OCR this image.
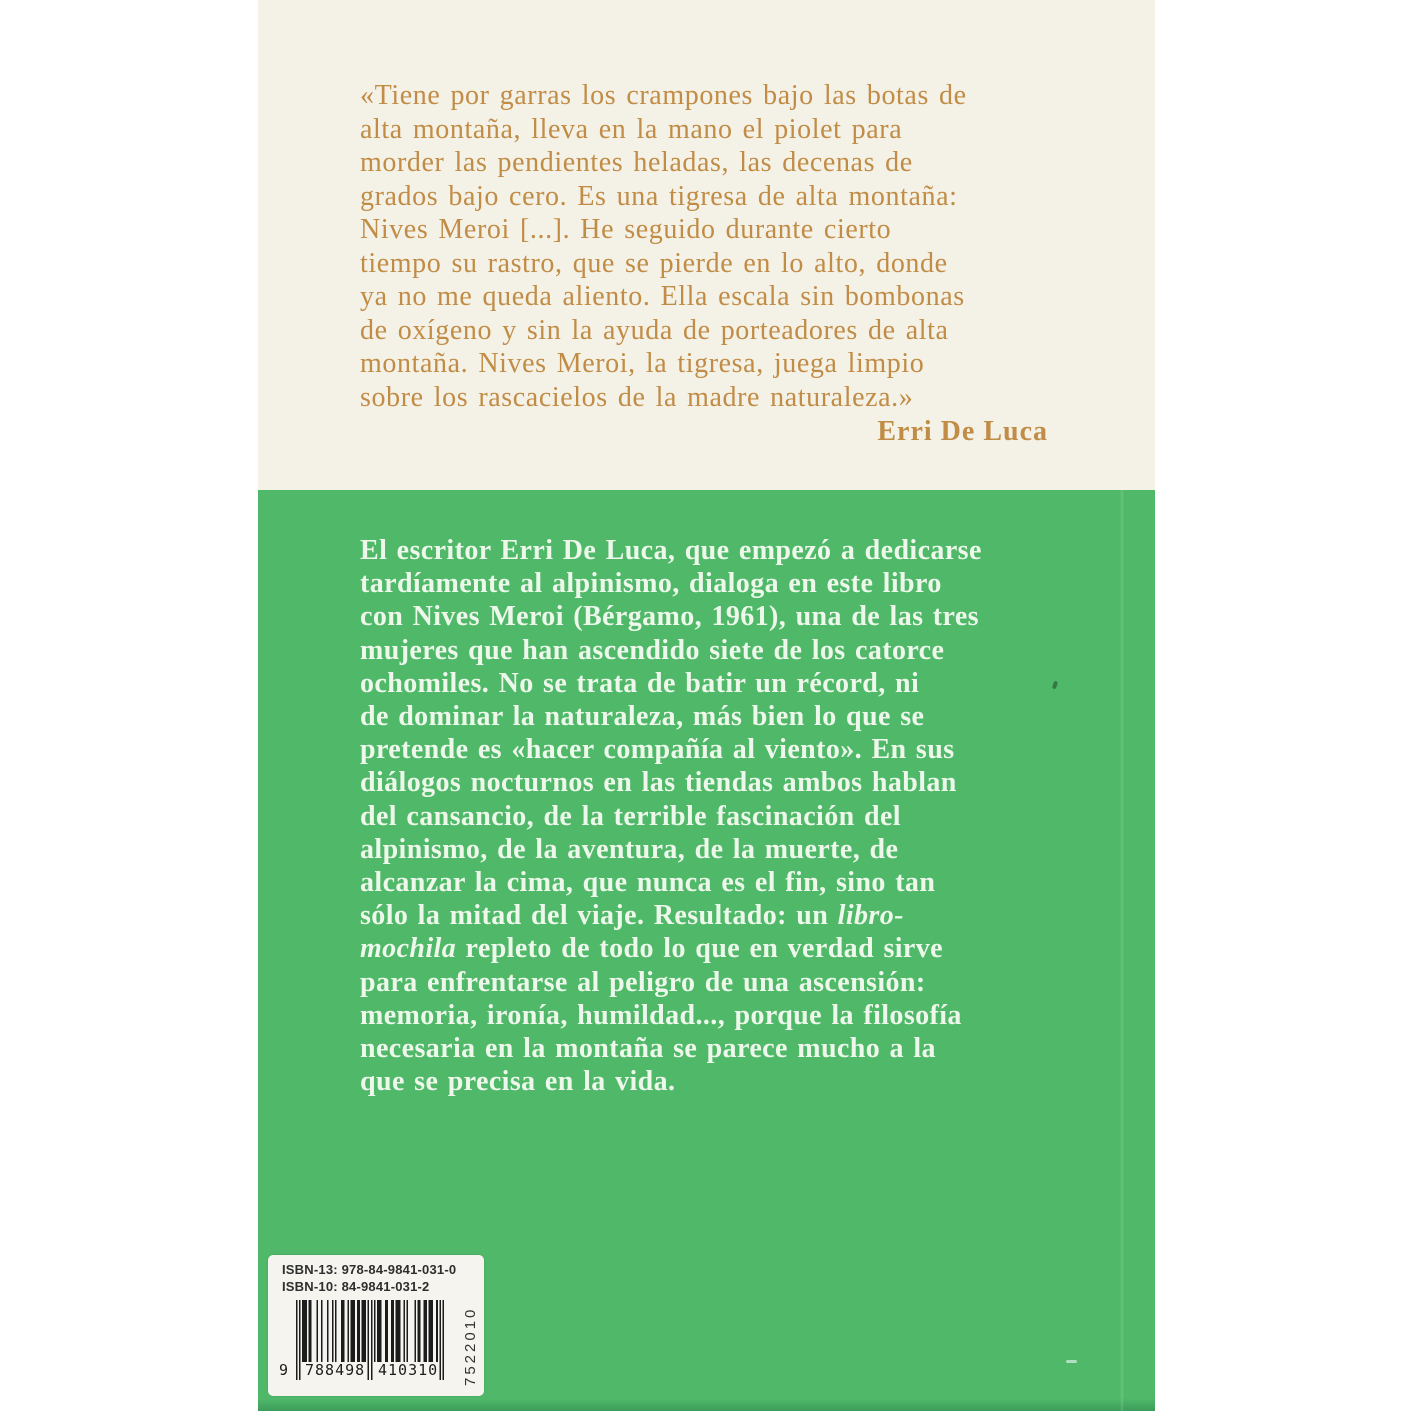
«Tiene por garras los crampones bajo las botas de
alta montaña, lleva en la mano el piolet para
morder las pendientes heladas, las decenas de
grados bajo cero. Es una tigresa de alta montaña:
Nives Meroi [...]. He seguido durante cierto
tiempo su rastro, que se pierde en lo alto, donde
ya no me queda aliento. Ella escala sin bombonas
de oxígeno y sin la ayuda de porteadores de alta
montaña. Nives Meroi, la tigresa, juega limpio
sobre los rascacielos de la madre naturaleza.»
Erri De Luca
El escritor Erri De Luca, que empezó a dedicarse
tardíamente al alpinismo, dialoga en este libro
con Nives Meroi (Bérgamo, 1961), una de las tres
mujeres que han ascendido siete de los catorce
ochomiles. No se trata de batir un récord, ni
de dominar la naturaleza, más bien lo que se
pretende es «hacer compañía al viento». En sus
diálogos nocturnos en las tiendas ambos hablan
del cansancio, de la terrible fascinación del
alpinismo, de la aventura, de la muerte, de
alcanzar la cima, que nunca es el fin, sino tan
sólo la mitad del viaje. Resultado: un libro-
mochila repleto de todo lo que en verdad sirve
para enfrentarse al peligro de una ascensión:
memoria, ironía, humildad..., porque la filosofía
necesaria en la montaña se parece mucho a la
que se precisa en la vida.
ISBN-13: 978-84-9841-031-0
ISBN-10: 84-9841-031-2
9 788498 410310 7522010
